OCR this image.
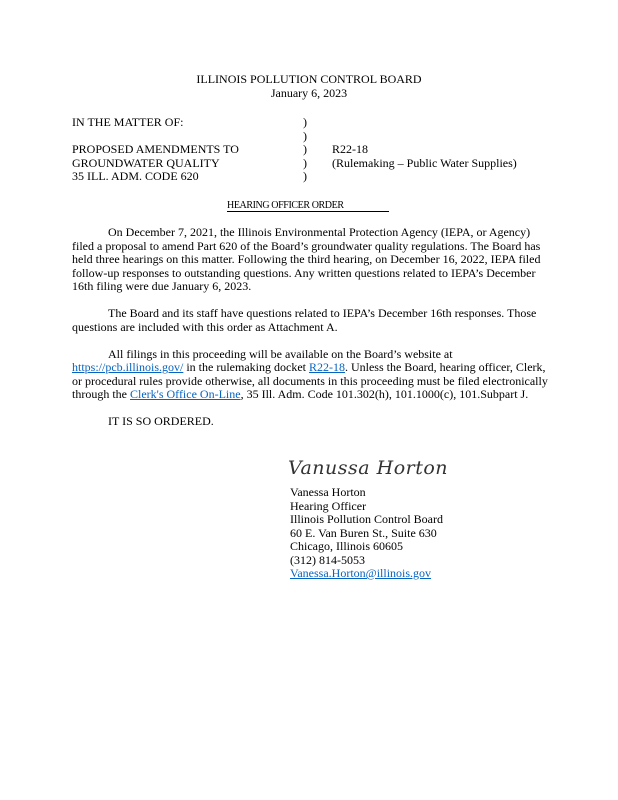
ILLINOIS POLLUTION CONTROL BOARD
January 6, 2023
IN THE MATTER OF:
PROPOSED AMENDMENTS TO
GROUNDWATER QUALITY
35 ILL. ADM. CODE 620
)
)
)
)
)
R22-18
(Rulemaking – Public Water Supplies)
HEARING OFFICER ORDER

On December 7, 2021, the Illinois Environmental Protection Agency (IEPA, or Agency) filed a proposal to amend Part 620 of the Board’s groundwater quality regulations. The Board has held three hearings on this matter. Following the third hearing, on December 16, 2022, IEPA filed follow-up responses to outstanding questions. Any written questions related to IEPA’s December 16th filing were due January 6, 2023.

The Board and its staff have questions related to IEPA’s December 16th responses. Those questions are included with this order as Attachment A.

All filings in this proceeding will be available on the Board’s website at
https://pcb.illinois.gov/ in the rulemaking docket R22-18. Unless the Board, hearing officer, Clerk, or procedural rules provide otherwise, all documents in this proceeding must be filed electronically through the Clerk's Office On-Line, 35 Ill. Adm. Code 101.302(h), 101.1000(c), 101.Subpart J.

IT IS SO ORDERED.

Vanussa Horton
Vanessa Horton
Hearing Officer
Illinois Pollution Control Board
60 E. Van Buren St., Suite 630
Chicago, Illinois 60605
(312) 814-5053
Vanessa.Horton@illinois.gov
